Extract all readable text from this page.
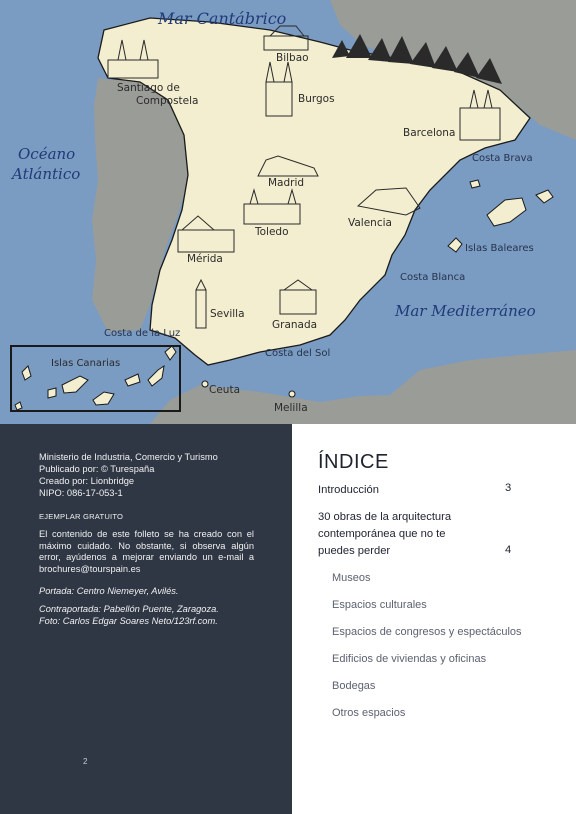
Mar Cantábrico
Océano
Atlántico
Mar Mediterráneo
Santiago de
Compostela
Bilbao
Burgos
Barcelona
Madrid
Toledo
Valencia
Mérida
Sevilla
Granada
Ceuta
Melilla
Costa Brava
Islas Baleares
Costa Blanca
Costa de la Luz
Costa del Sol
Islas Canarias
Ministerio de Industria, Comercio y Turismo
Publicado por: © Turespaña
Creado por: Lionbridge
NIPO: 086-17-053-1
EJEMPLAR GRATUITO
El contenido de este folleto se ha creado con el máximo cuidado. No obstante, si observa algún error, ayúdenos a mejorar enviando un e-mail a brochures@tourspain.es
Portada: Centro Niemeyer, Avilés.
Contraportada: Pabellón Puente, Zaragoza.
Foto: Carlos Edgar Soares Neto/123rf.com.
2
ÍNDICE
Introducción	3
30 obras de la arquitectura contemporánea que no te puedes perder	4
Museos
Espacios culturales
Espacios de congresos y espectáculos
Edificios de viviendas y oficinas
Bodegas
Otros espacios
